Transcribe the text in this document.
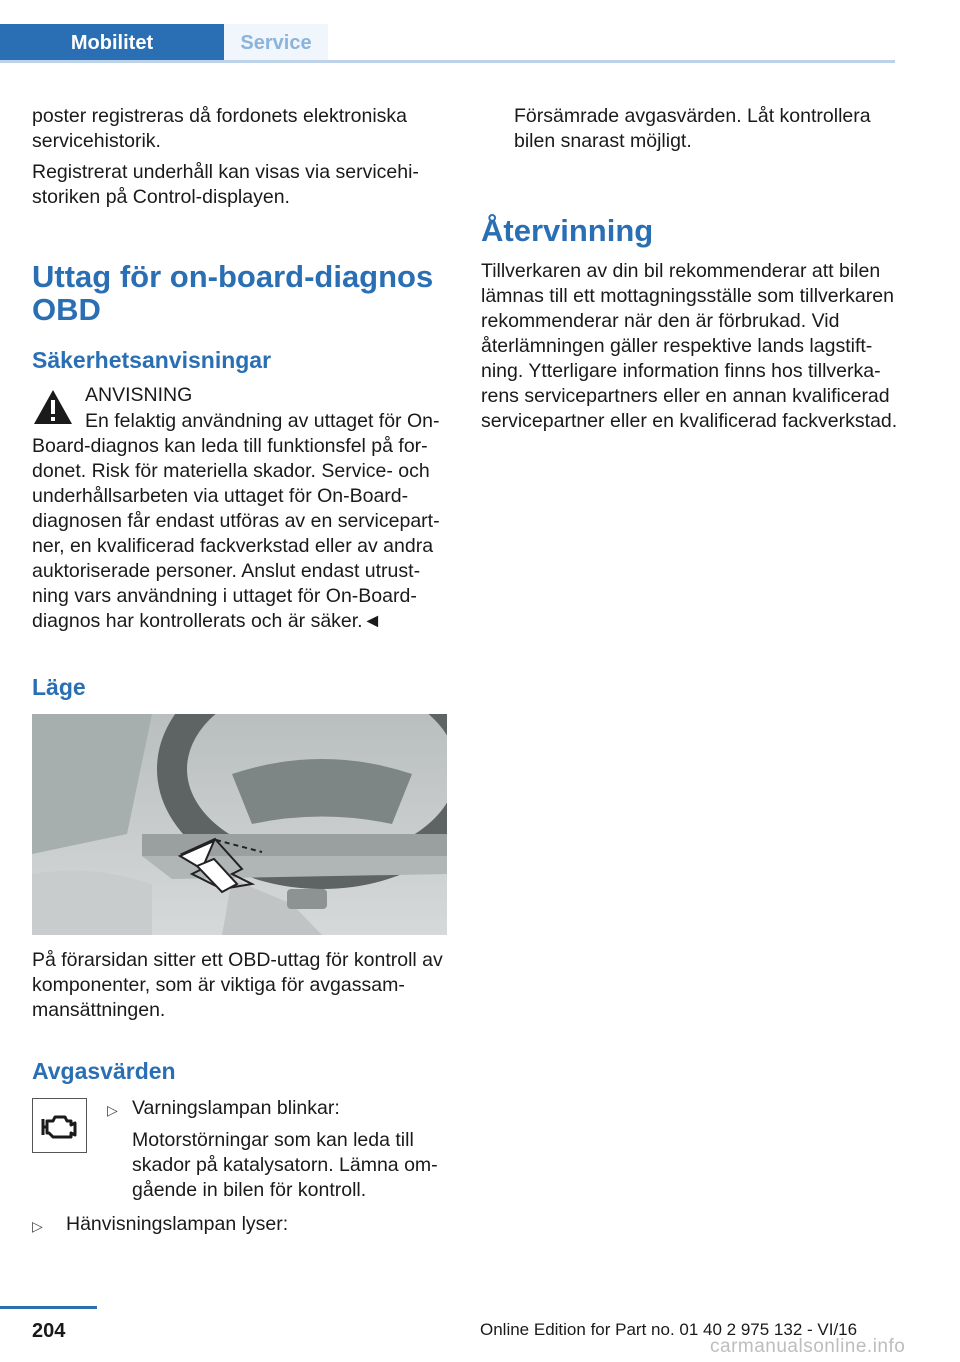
Mobilitet	Service

poster registreras då fordonets elektroniska servicehistorik.

Registrerat underhåll kan visas via servicehistoriken på Control-displayen.

Uttag för on-board-diagnos OBD
Säkerhetsanvisningar
ANVISNING

En felaktig användning av uttaget för On-Board-diagnos kan leda till funktionsfel på fordonet. Risk för materiella skador. Service- och underhållsarbeten via uttaget för On-Board-diagnosen får endast utföras av en servicepartner, en kvalificerad fackverkstad eller av andra auktoriserade personer. Anslut endast utrustning vars användning i uttaget för On-Board-diagnos har kontrollerats och är säker.◄

Läge

På förarsidan sitter ett OBD-uttag för kontroll av komponenter, som är viktiga för avgassammansättningen.

Avgasvärden
▷ Varningslampan blinkar:

Motorstörningar som kan leda till skador på katalysatorn. Lämna omgående in bilen för kontroll.

▷ Hänvisningslampan lyser:

Försämrade avgasvärden. Låt kontrollera bilen snarast möjligt.

Återvinning

Tillverkaren av din bil rekommenderar att bilen lämnas till ett mottagningsställe som tillverkaren rekommenderar när den är förbrukad. Vid återlämningen gäller respektive lands lagstiftning. Ytterligare information finns hos tillverkarens servicepartners eller en annan kvalificerad servicepartner eller en kvalificerad fackverkstad.

204	Online Edition for Part no. 01 40 2 975 132 - VI/16
carmanualsonline.info
